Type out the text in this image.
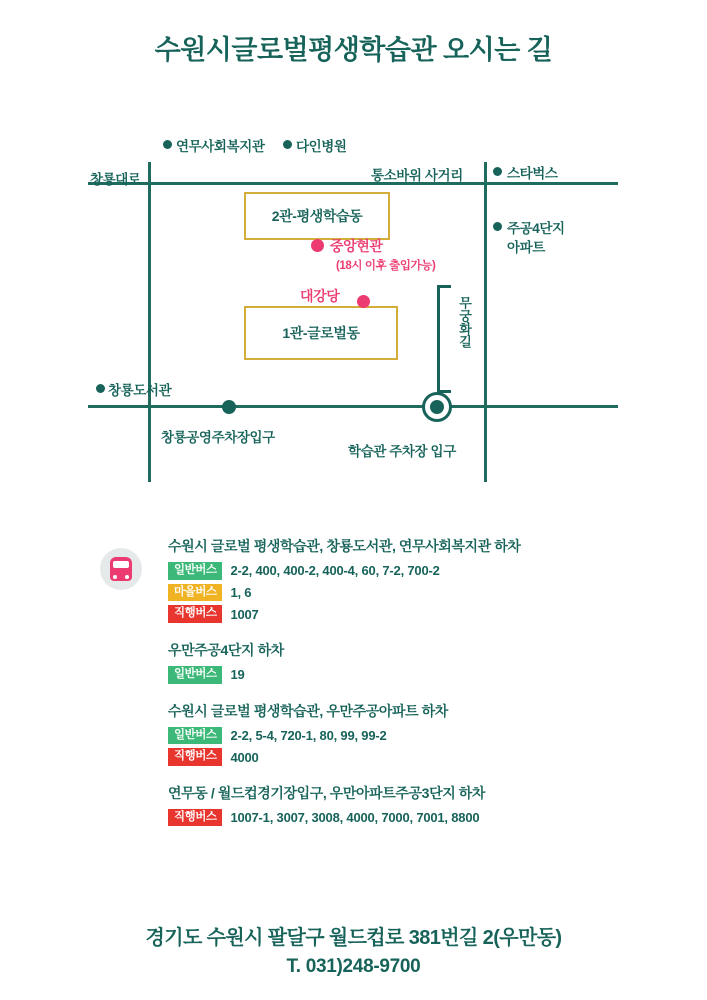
수원시글로벌평생학습관 오시는 길
연무사회복지관 다인병원
통소바위 사거리	스타벅스
창룡대로
주공4단지
아파트
2관-평생학습동
1관-글로벌동
중앙현관
(18시 이후 출입가능)
대강당	무궁화길
창룡도서관
창룡공영주차장입구
학습관 주차장 입구
수원시 글로벌 평생학습관, 창룡도서관, 연무사회복지관 하차
일반버스	2-2, 400, 400-2, 400-4, 60, 7-2, 700-2
마을버스	1, 6
직행버스	1007
우만주공4단지 하차
일반버스	19
수원시 글로벌 평생학습관, 우만주공아파트 하차
일반버스	2-2, 5-4, 720-1, 80, 99, 99-2
직행버스	4000
연무동 / 월드컵경기장입구, 우만아파트주공3단지 하차
직행버스	1007-1, 3007, 3008, 4000, 7000, 7001, 8800
경기도 수원시 팔달구 월드컵로 381번길 2(우만동)
T. 031)248-9700
